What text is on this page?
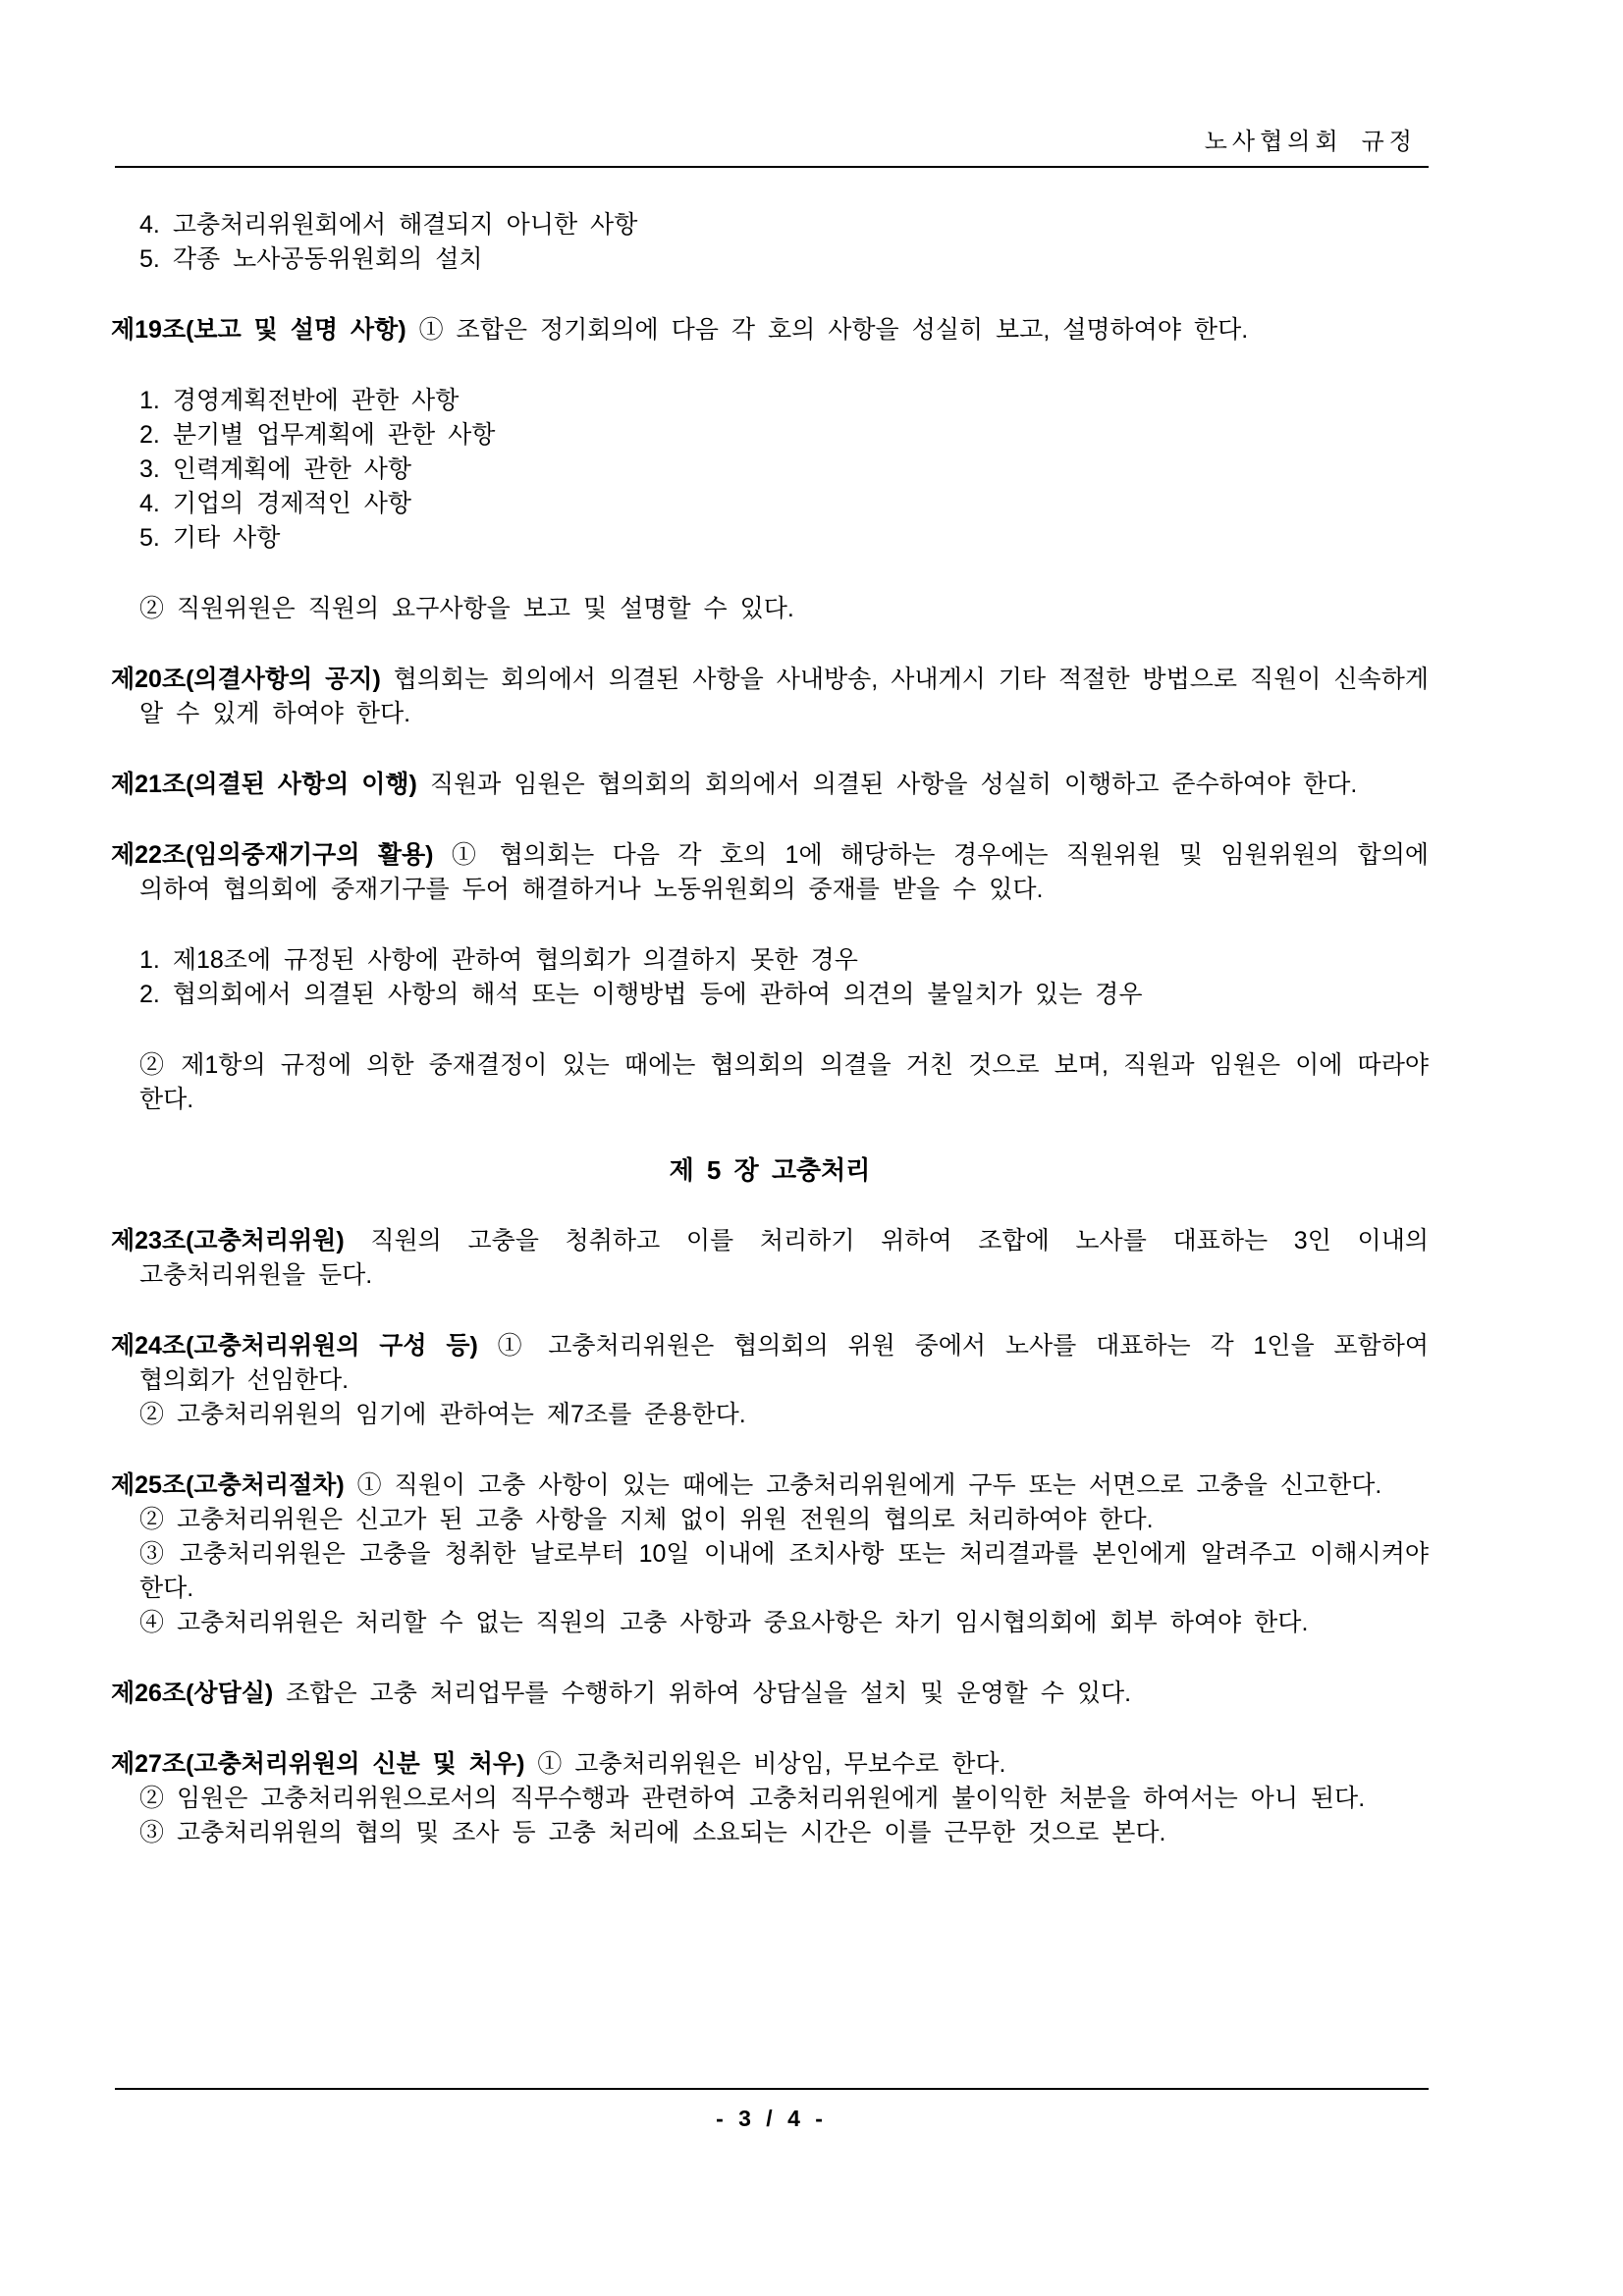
노사협의회 규정
4. 고충처리위원회에서 해결되지 아니한 사항
5. 각종 노사공동위원회의 설치

제19조(보고 및 설명 사항) ① 조합은 정기회의에 다음 각 호의 사항을 성실히 보고, 설명하여야 한다.

1. 경영계획전반에 관한 사항
2. 분기별 업무계획에 관한 사항
3. 인력계획에 관한 사항
4. 기업의 경제적인 사항
5. 기타 사항
② 직원위원은 직원의 요구사항을 보고 및 설명할 수 있다.

제20조(의결사항의 공지) 협의회는 회의에서 의결된 사항을 사내방송, 사내게시 기타 적절한 방법으로 직원이 신속하게 알 수 있게 하여야 한다.

제21조(의결된 사항의 이행) 직원과 임원은 협의회의 회의에서 의결된 사항을 성실히 이행하고 준수하여야 한다.

제22조(임의중재기구의 활용) ① 협의회는 다음 각 호의 1에 해당하는 경우에는 직원위원 및 임원위원의 합의에 의하여 협의회에 중재기구를 두어 해결하거나 노동위원회의 중재를 받을 수 있다.

1. 제18조에 규정된 사항에 관하여 협의회가 의결하지 못한 경우
2. 협의회에서 의결된 사항의 해석 또는 이행방법 등에 관하여 의견의 불일치가 있는 경우
② 제1항의 규정에 의한 중재결정이 있는 때에는 협의회의 의결을 거친 것으로 보며, 직원과 임원은 이에 따라야 한다.
제 5 장 고충처리

제23조(고충처리위원) 직원의 고충을 청취하고 이를 처리하기 위하여 조합에 노사를 대표하는 3인 이내의 고충처리위원을 둔다.

제24조(고충처리위원의 구성 등) ① 고충처리위원은 협의회의 위원 중에서 노사를 대표하는 각 1인을 포함하여 협의회가 선임한다.

② 고충처리위원의 임기에 관하여는 제7조를 준용한다.

제25조(고충처리절차) ① 직원이 고충 사항이 있는 때에는 고충처리위원에게 구두 또는 서면으로 고충을 신고한다.

② 고충처리위원은 신고가 된 고충 사항을 지체 없이 위원 전원의 협의로 처리하여야 한다.

③ 고충처리위원은 고충을 청취한 날로부터 10일 이내에 조치사항 또는 처리결과를 본인에게 알려주고 이해시켜야 한다.

④ 고충처리위원은 처리할 수 없는 직원의 고충 사항과 중요사항은 차기 임시협의회에 회부 하여야 한다.

제26조(상담실) 조합은 고충 처리업무를 수행하기 위하여 상담실을 설치 및 운영할 수 있다.

제27조(고충처리위원의 신분 및 처우) ① 고충처리위원은 비상임, 무보수로 한다.

② 임원은 고충처리위원으로서의 직무수행과 관련하여 고충처리위원에게 불이익한 처분을 하여서는 아니 된다.

③ 고충처리위원의 협의 및 조사 등 고충 처리에 소요되는 시간은 이를 근무한 것으로 본다.

- 3 / 4 -
